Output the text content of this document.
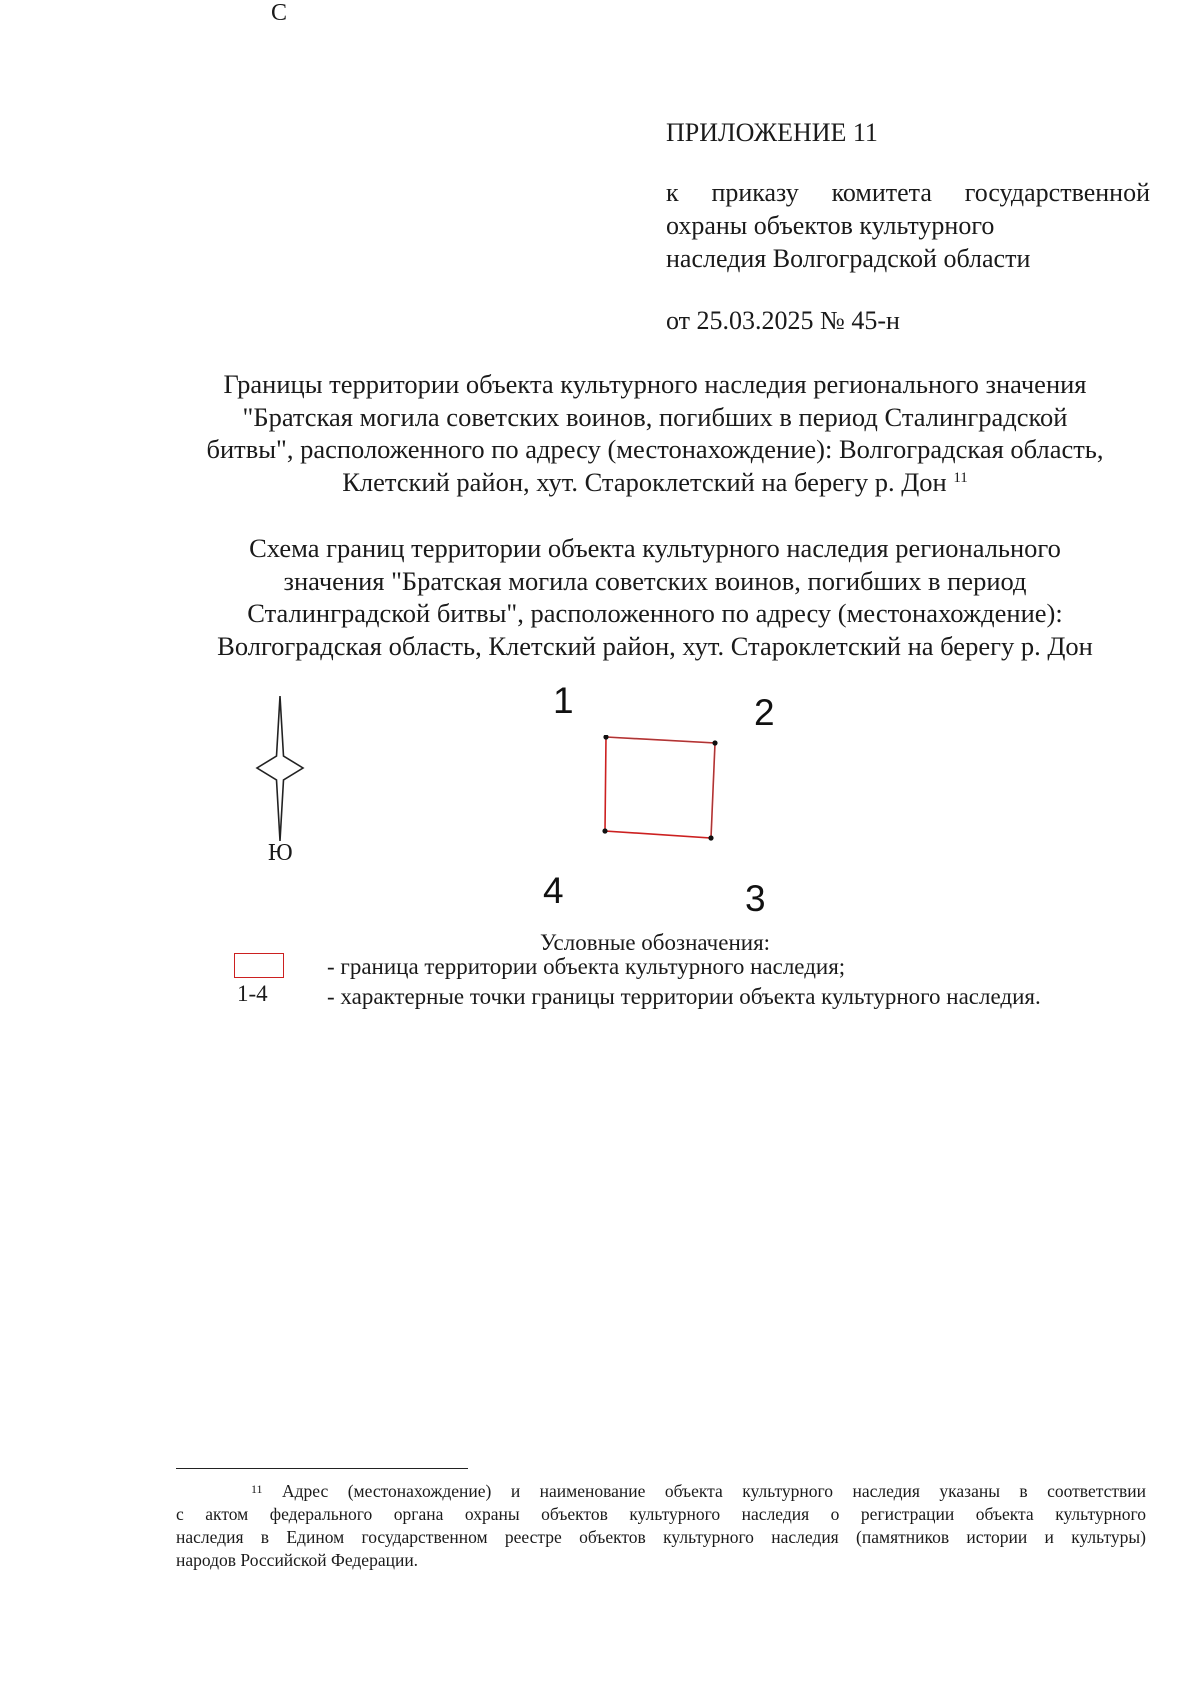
ПРИЛОЖЕНИЕ 11
к приказу комитета государственной
охраны объектов культурного
наследия Волгоградской области
от 25.03.2025 № 45-н
Границы территории объекта культурного наследия регионального значения
"Братская могила советских воинов, погибших в период Сталинградской
битвы", расположенного по адресу (местонахождение): Волгоградская область,
Клетский район, хут. Староклетский на берегу р. Дон $^{11}$
Схема границ территории объекта культурного наследия регионального
значения "Братская могила советских воинов, погибших в период
Сталинградской битвы", расположенного по адресу (местонахождение):
Волгоградская область, Клетский район, хут. Староклетский на берегу р. Дон
С
Ю
1	2
3
4
Условные обозначения:
- граница территории объекта культурного наследия;
1-4	- характерные точки границы территории объекта культурного наследия.
$^{11}$ Адрес (местонахождение) и наименование объекта культурного наследия указаны в соответствии
с актом федерального органа охраны объектов культурного наследия о регистрации объекта культурного
наследия в Едином государственном реестре объектов культурного наследия (памятников истории и культуры)
народов Российской Федерации.
